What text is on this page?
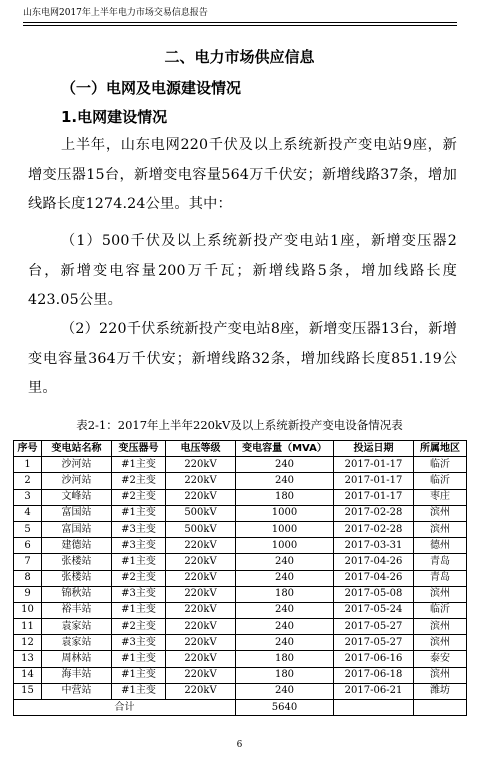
山东电网2017年上半年电力市场交易信息报告
二、电力市场供应信息
（一）电网及电源建设情况
1.电网建设情况
上半年，山东电网220千伏及以上系统新投产变电站9座，新增变压器15台，新增变电容量564万千伏安；新增线路37条，增加线路长度1274.24公里。其中：
（1）500千伏及以上系统新投产变电站1座，新增变压器2台，新增变电容量200万千瓦；新增线路5条，增加线路长度423.05公里。
（2）220千伏系统新投产变电站8座，新增变压器13台，新增变电容量364万千伏安；新增线路32条，增加线路长度851.19公里。
表2-1：2017年上半年220kV及以上系统新投产变电设备情况表
序号	变电站名称	变压器号	电压等级	变电容量（MVA）	投运日期	所属地区
1	沙河站	#1主变	220kV	240	2017-01-17	临沂
2	沙河站	#2主变	220kV	240	2017-01-17	临沂
3	文峰站	#2主变	220kV	180	2017-01-17	枣庄
4	富国站	#1主变	500kV	1000	2017-02-28	滨州
5	富国站	#3主变	500kV	1000	2017-02-28	滨州
6	建德站	#3主变	220kV	1000	2017-03-31	德州
7	张楼站	#1主变	220kV	240	2017-04-26	青岛
8	张楼站	#2主变	220kV	240	2017-04-26	青岛
9	锦秋站	#3主变	220kV	180	2017-05-08	滨州
10	裕丰站	#1主变	220kV	240	2017-05-24	临沂
11	袁家站	#2主变	220kV	240	2017-05-27	滨州
12	袁家站	#3主变	220kV	240	2017-05-27	滨州
13	周林站	#1主变	220kV	180	2017-06-16	泰安
14	海丰站	#1主变	220kV	180	2017-06-18	滨州
15	中营站	#1主变	220kV	240	2017-06-21	潍坊
合计				5640		
6
